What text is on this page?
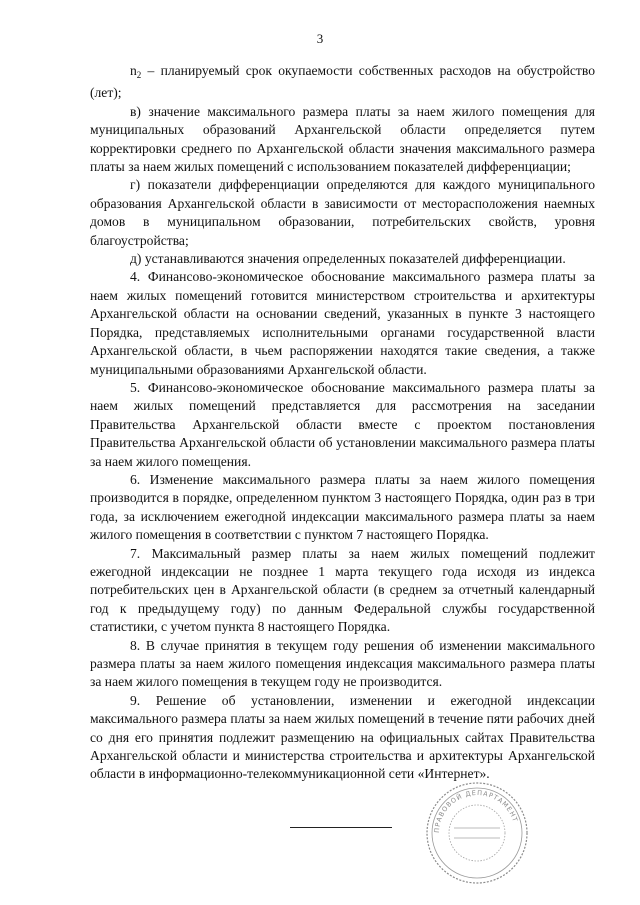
3

$n_2$ – планируемый срок окупаемости собственных расходов на обустройство (лет);

в) значение максимального размера платы за наем жилого помещения для муниципальных образований Архангельской области определяется путем корректировки среднего по Архангельской области значения максимального размера платы за наем жилых помещений с использованием показателей дифференциации;

г) показатели дифференциации определяются для каждого муниципального образования Архангельской области в зависимости от месторасположения наемных домов в муниципальном образовании, потребительских свойств, уровня благоустройства;

д) устанавливаются значения определенных показателей дифференциации.

4. Финансово-экономическое обоснование максимального размера платы за наем жилых помещений готовится министерством строительства и архитектуры Архангельской области на основании сведений, указанных в пункте 3 настоящего Порядка, представляемых исполнительными органами государственной власти Архангельской области, в чьем распоряжении находятся такие сведения, а также муниципальными образованиями Архангельской области.

5. Финансово-экономическое обоснование максимального размера платы за наем жилых помещений представляется для рассмотрения на заседании Правительства Архангельской области вместе с проектом постановления Правительства Архангельской области об установлении максимального размера платы за наем жилого помещения.

6. Изменение максимального размера платы за наем жилого помещения производится в порядке, определенном пунктом 3 настоящего Порядка, один раз в три года, за исключением ежегодной индексации максимального размера платы за наем жилого помещения в соответствии с пунктом 7 настоящего Порядка.

7. Максимальный размер платы за наем жилых помещений подлежит ежегодной индексации не позднее 1 марта текущего года исходя из индекса потребительских цен в Архангельской области (в среднем за отчетный календарный год к предыдущему году) по данным Федеральной службы государственной статистики, с учетом пункта 8 настоящего Порядка.

8. В случае принятия в текущем году решения об изменении максимального размера платы за наем жилого помещения индексация максимального размера платы за наем жилого помещения в текущем году не производится.

9. Решение об установлении, изменении и ежегодной индексации максимального размера платы за наем жилых помещений в течение пяти рабочих дней со дня его принятия подлежит размещению на официальных сайтах Правительства Архангельской области и министерства строительства и архитектуры Архангельской области в информационно-телекоммуникационной сети «Интернет».

ПРАВОВОЙ ДЕПАРТАМЕНТ
